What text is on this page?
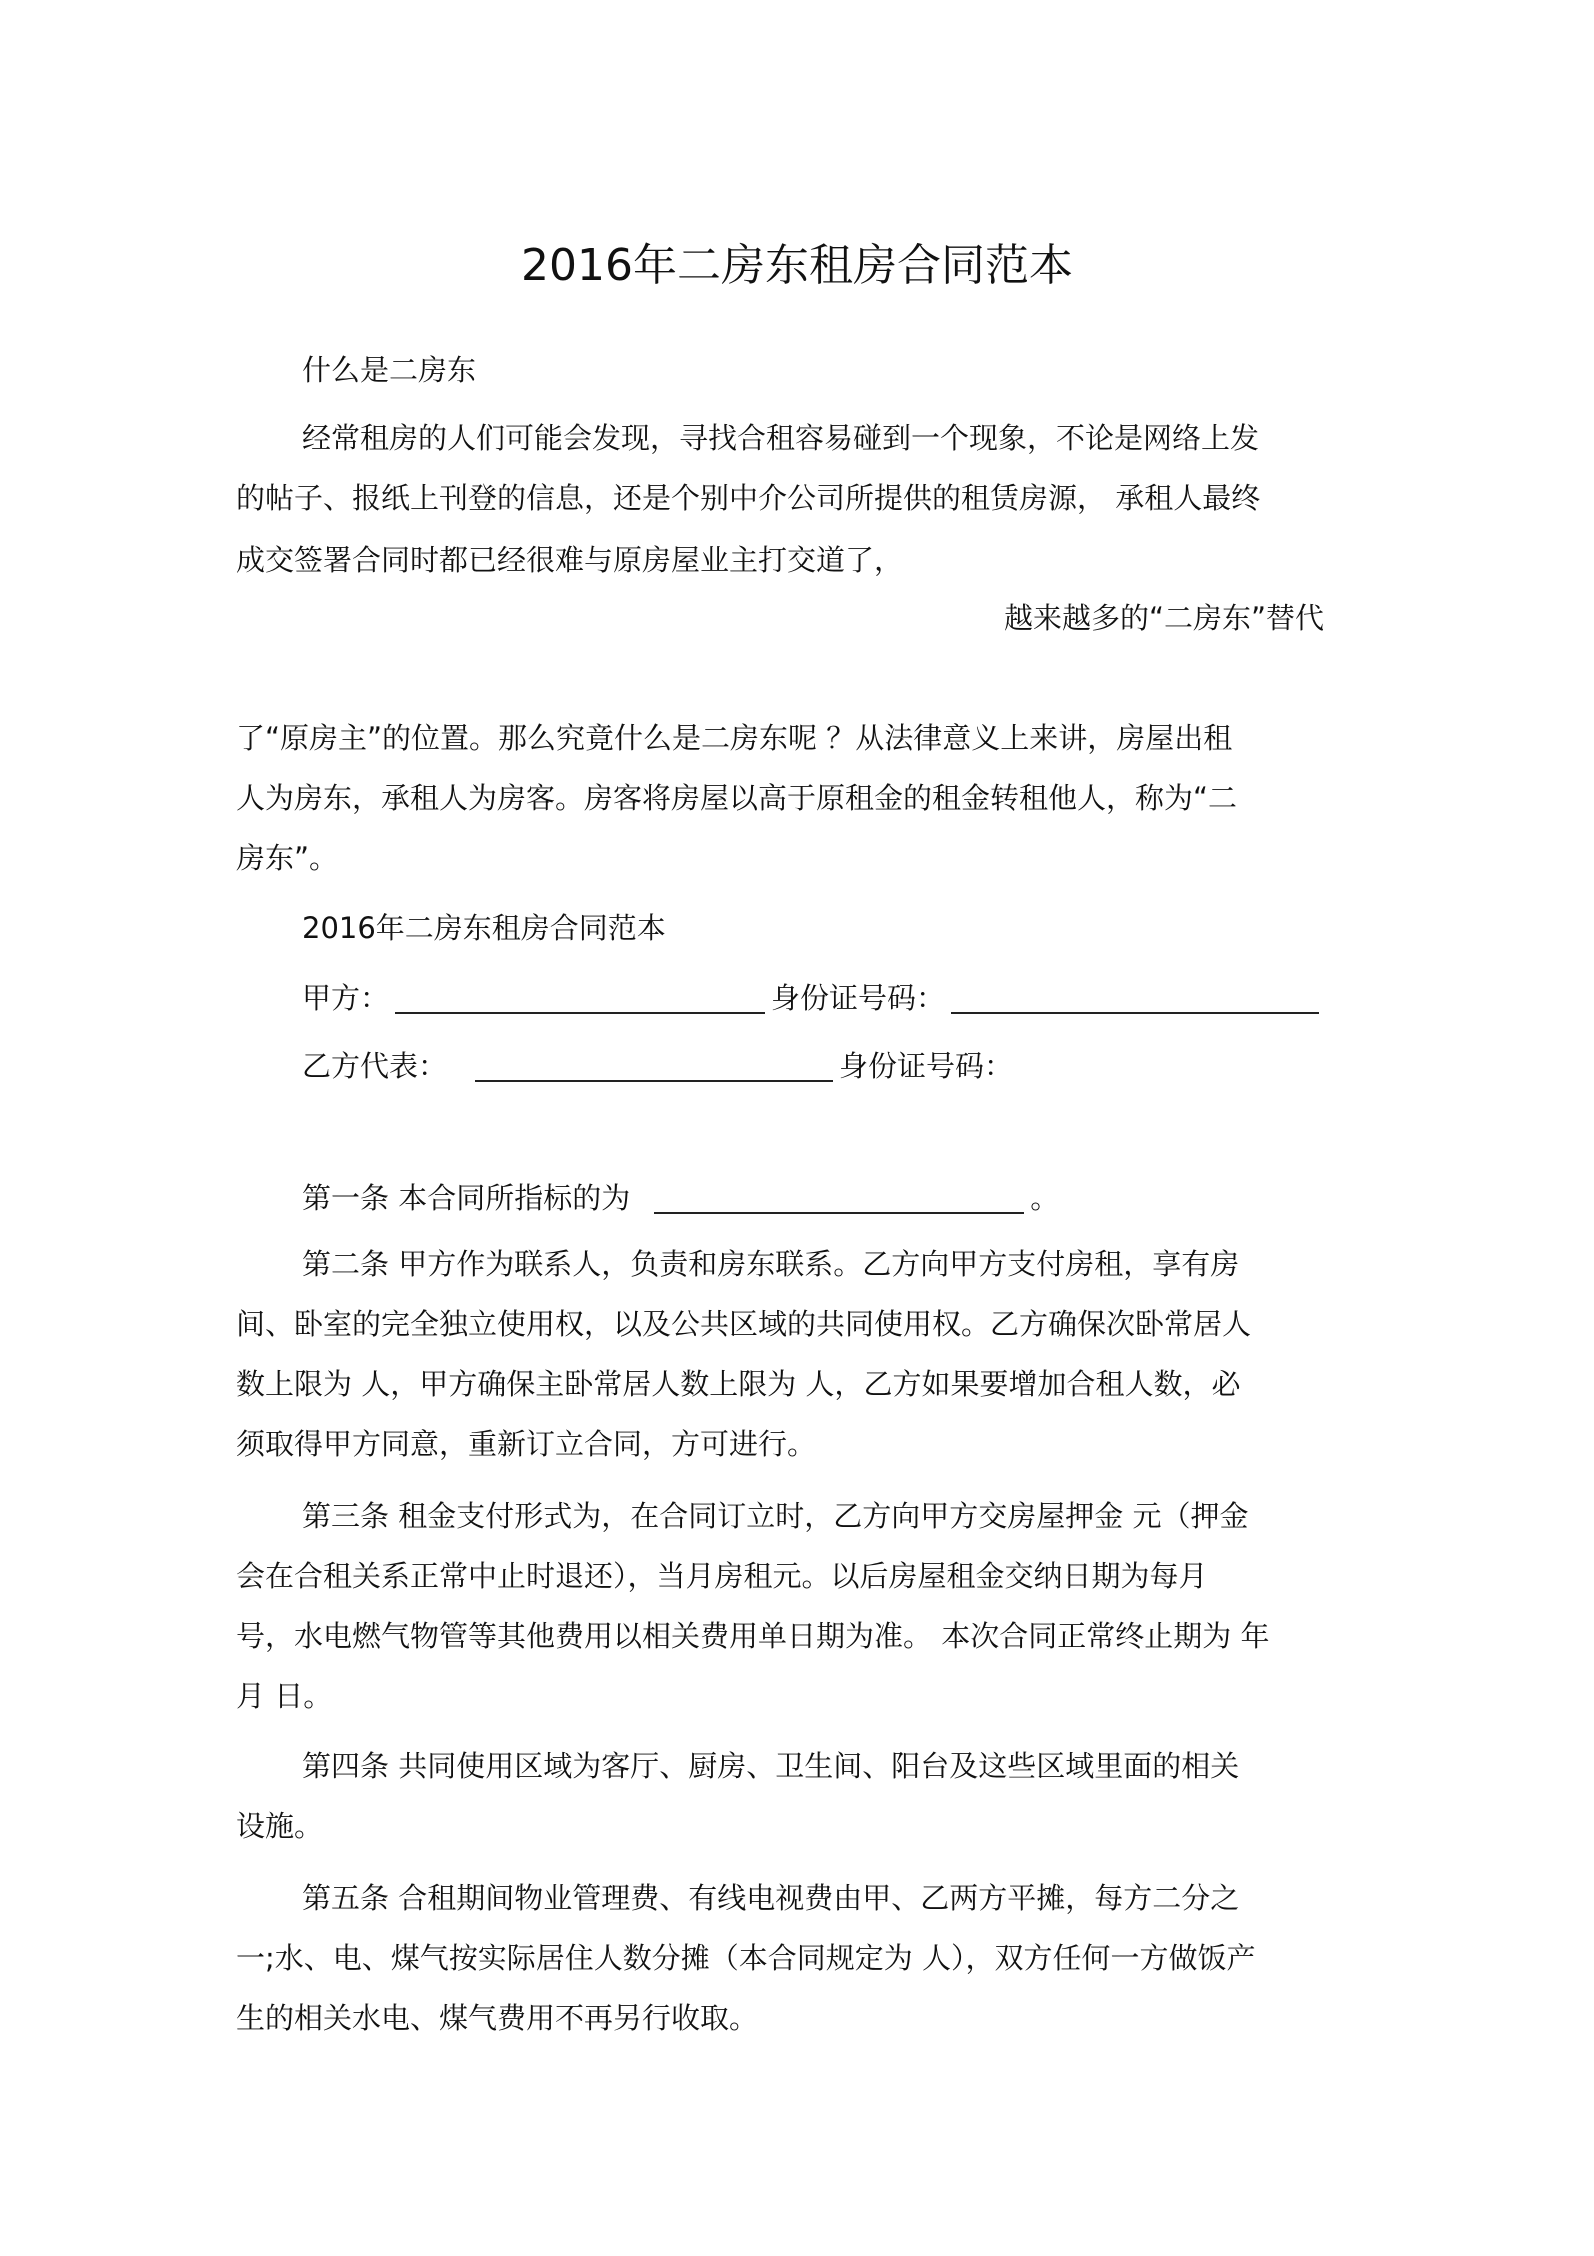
2016年二房东租房合同范本

什么是二房东

经常租房的人们可能会发现，寻找合租容易碰到一个现象，不论是网络上发

的帖子、报纸上刊登的信息，还是个别中介公司所提供的租赁房源， 承租人最终

成交签署合同时都已经很难与原房屋业主打交道了，

越来越多的“二房东”替代

了“原房主”的位置。那么究竟什么是二房东呢 ？从法律意义上来讲，房屋出租

人为房东，承租人为房客。房客将房屋以高于原租金的租金转租他人，称为“二

房东”。

2016年二房东租房合同范本

甲方：	身份证号码：

乙方代表：	身份证号码：

第一条 本合同所指标的为	。

第二条 甲方作为联系人，负责和房东联系。乙方向甲方支付房租，享有房

间、卧室的完全独立使用权，以及公共区域的共同使用权。乙方确保次卧常居人

数上限为 人，甲方确保主卧常居人数上限为 人，乙方如果要增加合租人数，必

须取得甲方同意，重新订立合同，方可进行。

第三条 租金支付形式为，在合同订立时，乙方向甲方交房屋押金 元（押金

会在合租关系正常中止时退还），当月房租元。以后房屋租金交纳日期为每月

号，水电燃气物管等其他费用以相关费用单日期为准。 本次合同正常终止期为 年

月 日。

第四条 共同使用区域为客厅、厨房、卫生间、阳台及这些区域里面的相关

设施。

第五条 合租期间物业管理费、有线电视费由甲、乙两方平摊，每方二分之

一;水、电、煤气按实际居住人数分摊（本合同规定为 人），双方任何一方做饭产

生的相关水电、煤气费用不再另行收取。
